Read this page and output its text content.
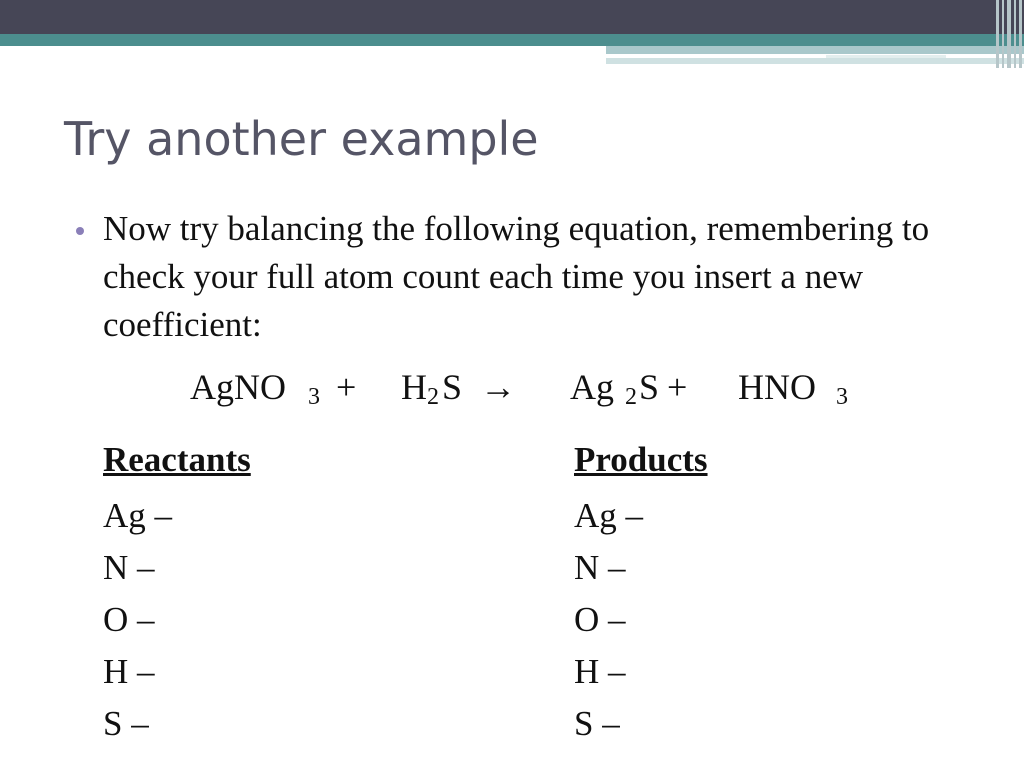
Try another example
Now try balancing the following equation, remembering to check your full atom count each time you insert a new coefficient:
AgNO 3 + H 2 S → Ag 2 S + HNO 3
Reactants
Ag –
N –
O –
H –
S –
Products
Ag –
N –
O –
H –
S –
